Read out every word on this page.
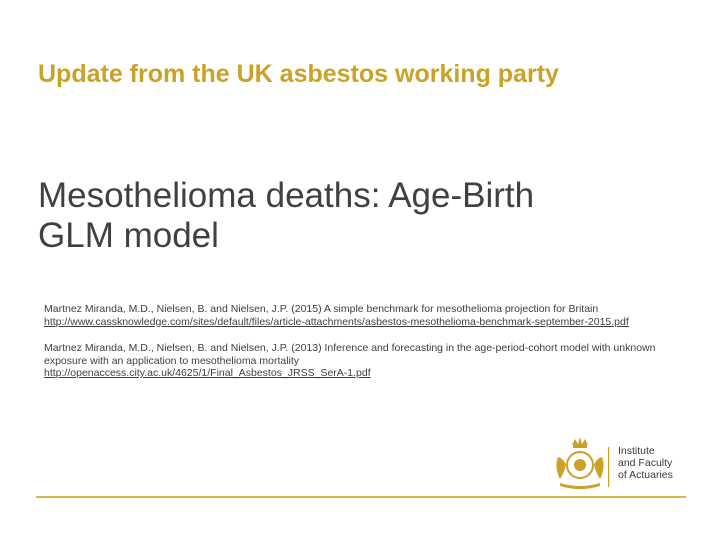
Update from the UK asbestos working party
Mesothelioma deaths: Age-Birth
GLM model
Martnez Miranda, M.D., Nielsen, B. and Nielsen, J.P. (2015) A simple benchmark for mesothelioma projection for Britain
http://www.cassknowledge.com/sites/default/files/article-attachments/asbestos-mesothelioma-benchmark-september-2015.pdf
Martnez Miranda, M.D., Nielsen, B. and Nielsen, J.P. (2013) Inference and forecasting in the age-period-cohort model with unknown exposure with an application to mesothelioma mortality
http://openaccess.city.ac.uk/4625/1/Final_Asbestos_JRSS_SerA-1.pdf
Institute
and Faculty
of Actuaries
